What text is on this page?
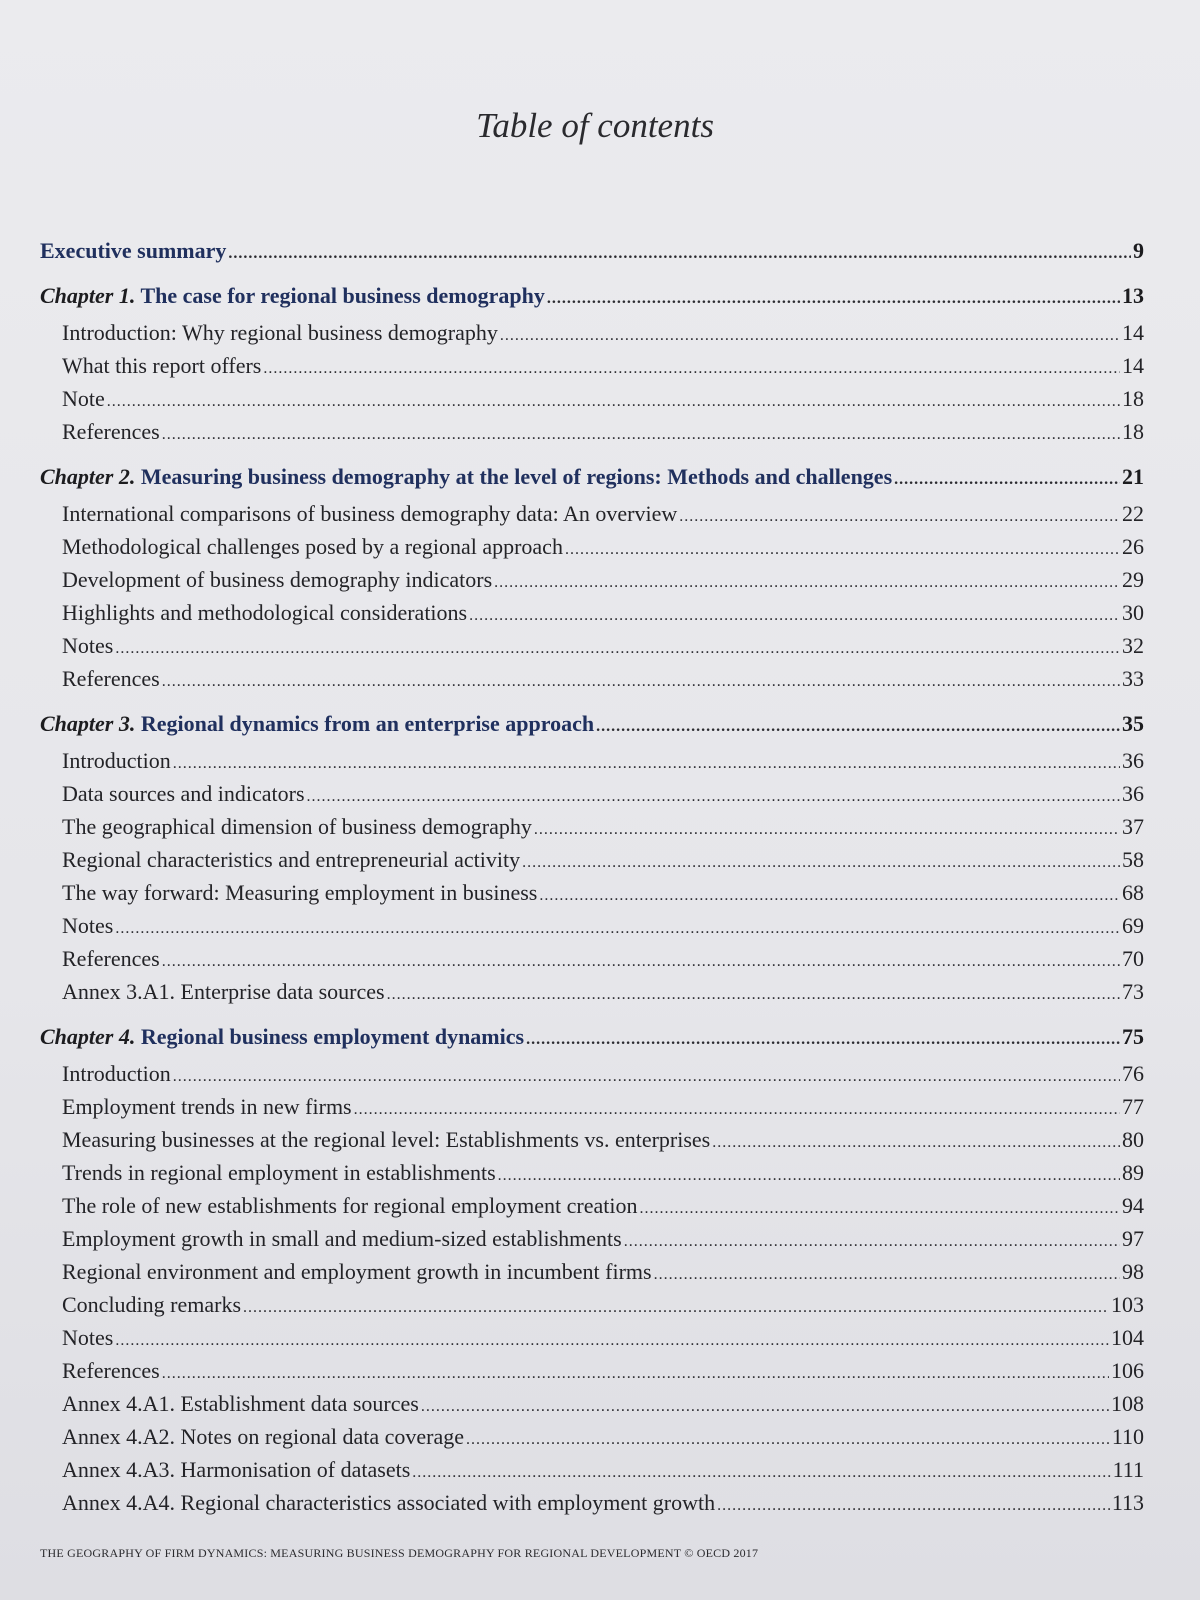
Table of contents
Executive summary .....	9
Chapter 1. The case for regional business demography .....	13
Introduction: Why regional business demography .....	14
What this report offers .....	14
Note .....	18
References .....	18
Chapter 2. Measuring business demography at the level of regions: Methods and challenges .....	21
International comparisons of business demography data: An overview .....	22
Methodological challenges posed by a regional approach .....	26
Development of business demography indicators .....	29
Highlights and methodological considerations .....	30
Notes .....	32
References .....	33
Chapter 3. Regional dynamics from an enterprise approach .....	35
Introduction .....	36
Data sources and indicators .....	36
The geographical dimension of business demography .....	37
Regional characteristics and entrepreneurial activity .....	58
The way forward: Measuring employment in business .....	68
Notes .....	69
References .....	70
Annex 3.A1. Enterprise data sources .....	73
Chapter 4. Regional business employment dynamics .....	75
Introduction .....	76
Employment trends in new firms .....	77
Measuring businesses at the regional level: Establishments vs. enterprises .....	80
Trends in regional employment in establishments .....	89
The role of new establishments for regional employment creation .....	94
Employment growth in small and medium-sized establishments .....	97
Regional environment and employment growth in incumbent firms .....	98
Concluding remarks .....	103
Notes .....	104
References .....	106
Annex 4.A1. Establishment data sources .....	108
Annex 4.A2. Notes on regional data coverage .....	110
Annex 4.A3. Harmonisation of datasets .....	111
Annex 4.A4. Regional characteristics associated with employment growth .....	113
THE GEOGRAPHY OF FIRM DYNAMICS: MEASURING BUSINESS DEMOGRAPHY FOR REGIONAL DEVELOPMENT © OECD 2017
